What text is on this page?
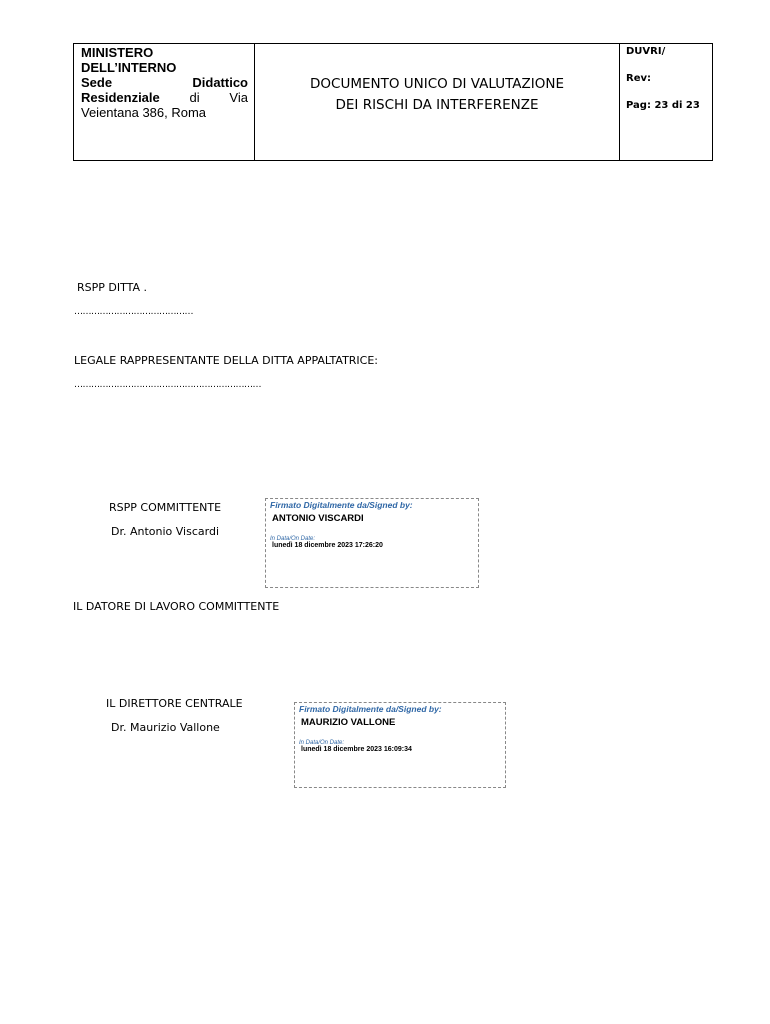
MINISTERO
DELL’INTERNO
Sede	Didattico
Residenziale di Via
Veientana 386, Roma
DOCUMENTO UNICO DI VALUTAZIONE
DEI RISCHI DA INTERFERENZE
DUVRI/
Rev:
Pag: 23 di 23
RSPP DITTA .
……………………………………
LEGALE RAPPRESENTANTE DELLA DITTA APPALTATRICE:
…………………………………………………………
RSPP COMMITTENTE
Dr. Antonio Viscardi
Firmato Digitalmente da/Signed by:
ANTONIO VISCARDI
In Data/On Date:
lunedì 18 dicembre 2023 17:26:20
IL DATORE DI LAVORO COMMITTENTE
IL DIRETTORE CENTRALE
Dr. Maurizio Vallone
Firmato Digitalmente da/Signed by:
MAURIZIO VALLONE
In Data/On Date:
lunedì 18 dicembre 2023 16:09:34
